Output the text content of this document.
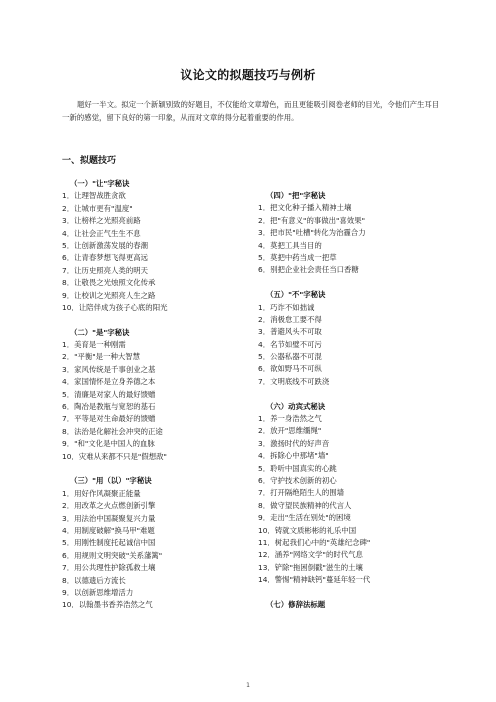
议论文的拟题技巧与例析
题好一半文。拟定一个新颖别致的好题目，不仅能给文章增色，而且更能吸引阅卷老师的目光，令他们产生耳目一新的感觉，留下良好的第一印象，从而对文章的得分起着重要的作用。
一、拟题技巧
（一）"让"字秘诀
1．让理智战胜贪欲
2．让城市更有"温度"
3．让榜样之光照亮前路
4．让社会正气生生不息
5．让创新激荡发展的春潮
6．让青春梦想飞得更高远
7．让历史照亮人类的明天
8．让敬畏之光烛照文化传承
9．让校训之光照亮人生之路
10．让陪伴成为孩子心底的阳光
（二）"是"字秘诀
1．美育是一种刚需
2．"平衡"是一种大智慧
3．家风传统是千事创业之基
4．家国情怀是立身养德之本
5．清廉是对家人的最好馈赠
6．陶冶是教瓶与宽恕的基石
7．平等是对生命最好的馈赠
8．法治是化解社会冲突的正途
9．"和"文化是中国人的血脉
10．灾难从来都不只是"假想敌"
（三）"用（以）"字秘诀
1．用好作风凝聚正能量
2．用改革之火点燃创新引擎
3．用法治中国凝聚复兴力量
4．用制度破解"换马甲"难题
5．用刚性制度托起诚信中国
6．用规则文明突破"关系藩篱"
7．用公共理性护除孤救土壤
8．以德遗后方流长
9．以创新思维增活力
10．以翰墨书香养浩然之气
（四）"把"字秘诀
1．把文化种子播入精神土壤
2．把"有意义"的事做出"喜效果"
3．把市民"吐槽"转化为治霾合力
4．莫把工具当目的
5．莫把中药当成一把草
6．别把企业社会责任当口香糖
（五）"不"字秘诀
1．巧诈不如拙诚
2．消极怠工要不得
3．普避风头不可取
4．名节如璧不可污
5．公器私器不可混
6．欲如野马不可纵
7．文明底线不可跌浇
（六）动宾式秘诀
1．养一身浩然之气
2．放开"思维缰绳"
3．激扬时代的好声音
4．拆除心中那堵"墙"
5．聆听中国真实的心跳
6．守护技术创新的初心
7．打开隔绝陌生人的围墙
8．做守望民族精神的代言人
9．走出"生活在别处"的困境
10．铸就文质彬彬的礼乐中国
11．树起我们心中的"英雄纪念碑"
12．涵养"网络文学"的时代气息
13．铲除"拖困倒戳"滋生的土壤
14．警惕"精神缺钙"蔓延年轻一代
（七）修辞法标题
1
